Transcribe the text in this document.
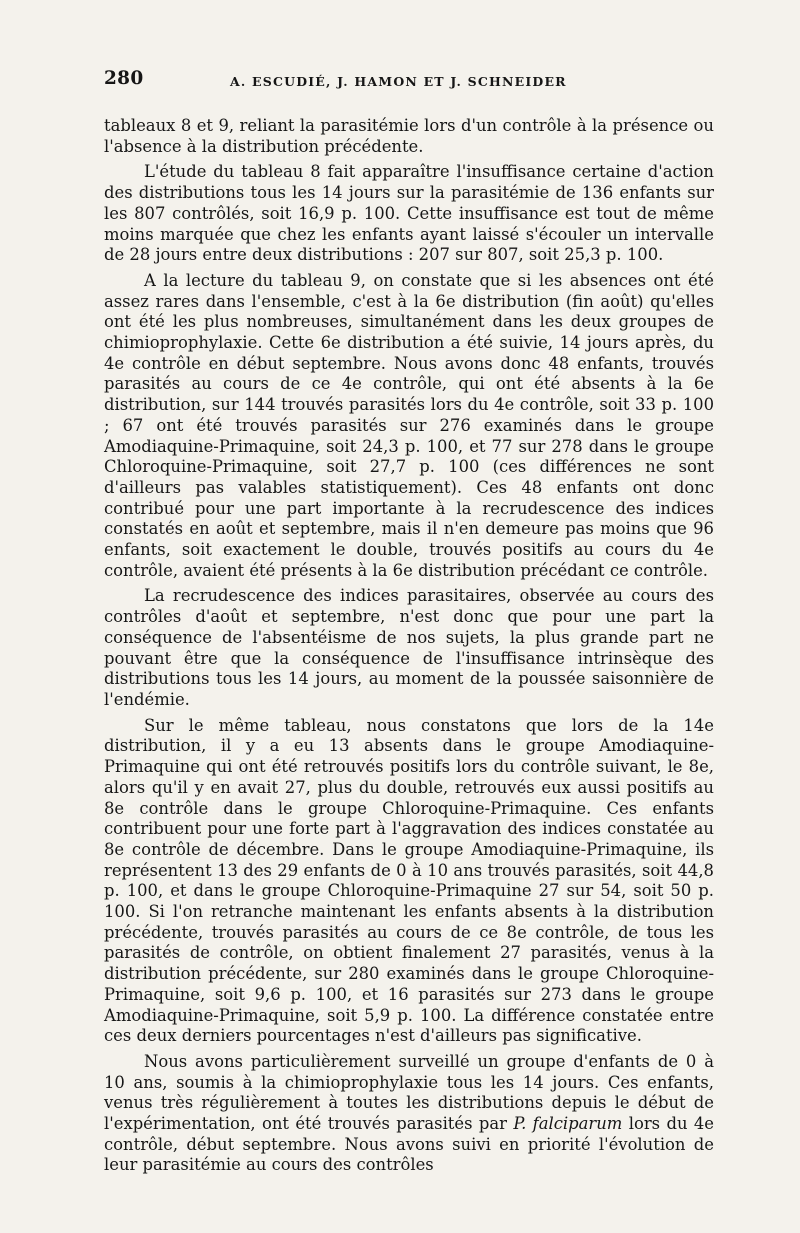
280	A. ESCUDIÉ, J. HAMON ET J. SCHNEIDER

tableaux 8 et 9, reliant la parasitémie lors d'un contrôle à la présence ou l'absence à la distribution précédente.

L'étude du tableau 8 fait apparaître l'insuffisance certaine d'action des distributions tous les 14 jours sur la parasitémie de 136 enfants sur les 807 contrôlés, soit 16,9 p. 100. Cette insuffisance est tout de même moins marquée que chez les enfants ayant laissé s'écouler un intervalle de 28 jours entre deux distributions : 207 sur 807, soit 25,3 p. 100.

A la lecture du tableau 9, on constate que si les absences ont été assez rares dans l'ensemble, c'est à la 6e distribution (fin août) qu'elles ont été les plus nombreuses, simultanément dans les deux groupes de chimioprophylaxie. Cette 6e distribution a été suivie, 14 jours après, du 4e contrôle en début septembre. Nous avons donc 48 enfants, trouvés parasités au cours de ce 4e contrôle, qui ont été absents à la 6e distribution, sur 144 trouvés parasités lors du 4e contrôle, soit 33 p. 100 ; 67 ont été trouvés parasités sur 276 examinés dans le groupe Amodiaquine-Primaquine, soit 24,3 p. 100, et 77 sur 278 dans le groupe Chloroquine-Primaquine, soit 27,7 p. 100 (ces différences ne sont d'ailleurs pas valables statistiquement). Ces 48 enfants ont donc contribué pour une part importante à la recrudescence des indices constatés en août et septembre, mais il n'en demeure pas moins que 96 enfants, soit exactement le double, trouvés positifs au cours du 4e contrôle, avaient été présents à la 6e distribution précédant ce contrôle.

La recrudescence des indices parasitaires, observée au cours des contrôles d'août et septembre, n'est donc que pour une part la conséquence de l'absentéisme de nos sujets, la plus grande part ne pouvant être que la conséquence de l'insuffisance intrinsèque des distributions tous les 14 jours, au moment de la poussée saisonnière de l'endémie.

Sur le même tableau, nous constatons que lors de la 14e distribution, il y a eu 13 absents dans le groupe Amodiaquine-Primaquine qui ont été retrouvés positifs lors du contrôle suivant, le 8e, alors qu'il y en avait 27, plus du double, retrouvés eux aussi positifs au 8e contrôle dans le groupe Chloroquine-Primaquine. Ces enfants contribuent pour une forte part à l'aggravation des indices constatée au 8e contrôle de décembre. Dans le groupe Amodiaquine-Primaquine, ils représentent 13 des 29 enfants de 0 à 10 ans trouvés parasités, soit 44,8 p. 100, et dans le groupe Chloroquine-Primaquine 27 sur 54, soit 50 p. 100. Si l'on retranche maintenant les enfants absents à la distribution précédente, trouvés parasités au cours de ce 8e contrôle, de tous les parasités de contrôle, on obtient finalement 27 parasités, venus à la distribution précédente, sur 280 examinés dans le groupe Chloroquine-Primaquine, soit 9,6 p. 100, et 16 parasités sur 273 dans le groupe Amodiaquine-Primaquine, soit 5,9 p. 100. La différence constatée entre ces deux derniers pourcentages n'est d'ailleurs pas significative.

Nous avons particulièrement surveillé un groupe d'enfants de 0 à 10 ans, soumis à la chimioprophylaxie tous les 14 jours. Ces enfants, venus très régulièrement à toutes les distributions depuis le début de l'expérimentation, ont été trouvés parasités par P. falciparum lors du 4e contrôle, début septembre. Nous avons suivi en priorité l'évolution de leur parasitémie au cours des contrôles
